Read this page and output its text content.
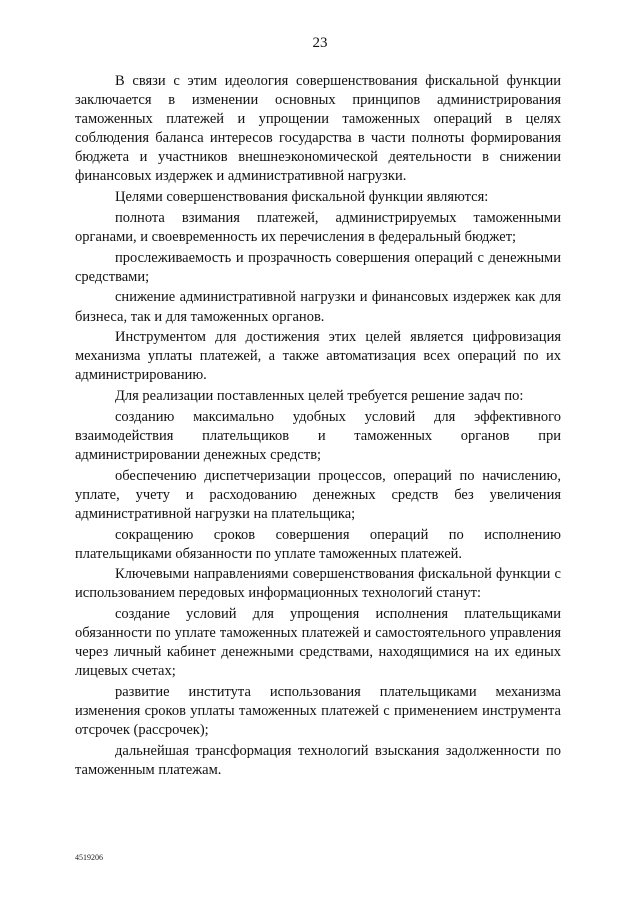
23

В связи с этим идеология совершенствования фискальной функции заключается в изменении основных принципов администрирования таможенных платежей и упрощении таможенных операций в целях соблюдения баланса интересов государства в части полноты формирования бюджета и участников внешнеэкономической деятельности в снижении финансовых издержек и административной нагрузки.

Целями совершенствования фискальной функции являются:

полнота взимания платежей, администрируемых таможенными органами, и своевременность их перечисления в федеральный бюджет;

прослеживаемость и прозрачность совершения операций с денежными средствами;

снижение административной нагрузки и финансовых издержек как для бизнеса, так и для таможенных органов.

Инструментом для достижения этих целей является цифровизация механизма уплаты платежей, а также автоматизация всех операций по их администрированию.

Для реализации поставленных целей требуется решение задач по:

созданию максимально удобных условий для эффективного взаимодействия плательщиков и таможенных органов при администрировании денежных средств;

обеспечению диспетчеризации процессов, операций по начислению, уплате, учету и расходованию денежных средств без увеличения административной нагрузки на плательщика;

сокращению сроков совершения операций по исполнению плательщиками обязанности по уплате таможенных платежей.

Ключевыми направлениями совершенствования фискальной функции с использованием передовых информационных технологий станут:

создание условий для упрощения исполнения плательщиками обязанности по уплате таможенных платежей и самостоятельного управления через личный кабинет денежными средствами, находящимися на их единых лицевых счетах;

развитие института использования плательщиками механизма изменения сроков уплаты таможенных платежей с применением инструмента отсрочек (рассрочек);

дальнейшая трансформация технологий взыскания задолженности по таможенным платежам.

4519206
